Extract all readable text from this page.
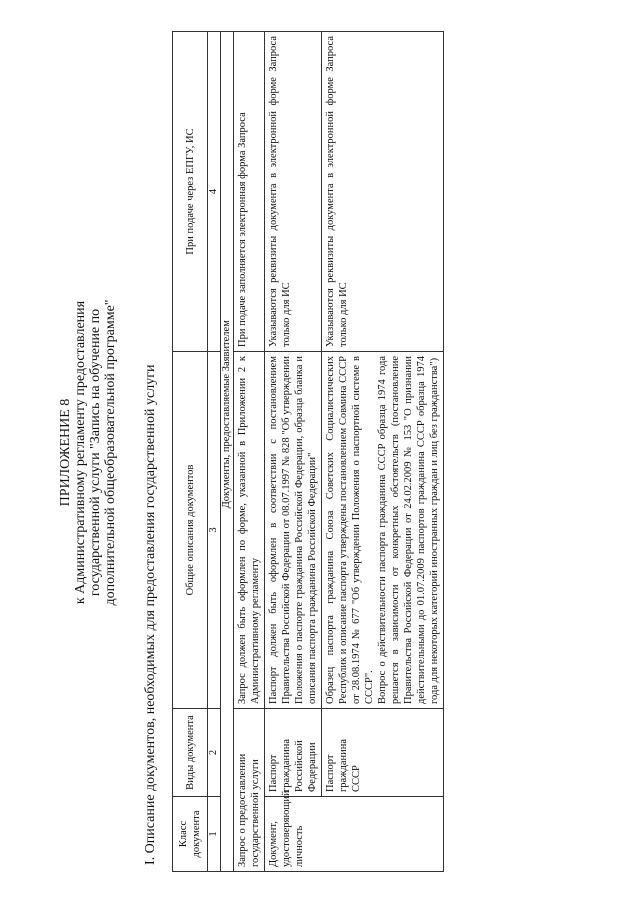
ПРИЛОЖЕНИЕ 8 к Административному регламенту предоставления государственной услуги "Запись на обучение по дополнительной общеобразовательной программе" I. Описание документов, необходимых для предоставления государственной услуги Класс документа	Виды документа	Общие описания документов	При подаче через ЕПГУ, ИС
1	2	3	4
	Документы, предоставляемые Заявителем		
Запрос о предоставлении государственной услуги		Запрос должен быть оформлен по форме, указанной в Приложении 2 к Административному регламенту	При подаче заполняется электронная форма Запроса
Документ, удостоверяющий личность	Паспорт гражданина Российской Федерации	Паспорт должен быть оформлен в соответствии с постановлением Правительства Российской Федерации от 08.07.1997 № 828 "Об утверждении Положения о паспорте гражданина Российской Федерации, образца бланка и описания паспорта гражданина Российской Федерации"	Указываются реквизиты документа в электронной форме Запроса только для ИС
	Паспорт гражданина СССР	Образец паспорта гражданина Союза Советских Социалистических Республик и описание паспорта утверждены постановлением Совмина СССР от 28.08.1974 № 677 "Об утверждении Положения о паспортной системе в СССР". Вопрос о действительности паспорта гражданина СССР образца 1974 года решается в зависимости от конкретных обстоятельств (постановление Правительства Российской Федерации от 24.02.2009 № 153 "О признании действительными до 01.07.2009 паспортов гражданина СССР образца 1974 года для некоторых категорий иностранных граждан и лиц без гражданства")	Указываются реквизиты документа в электронной форме Запроса только для ИС
